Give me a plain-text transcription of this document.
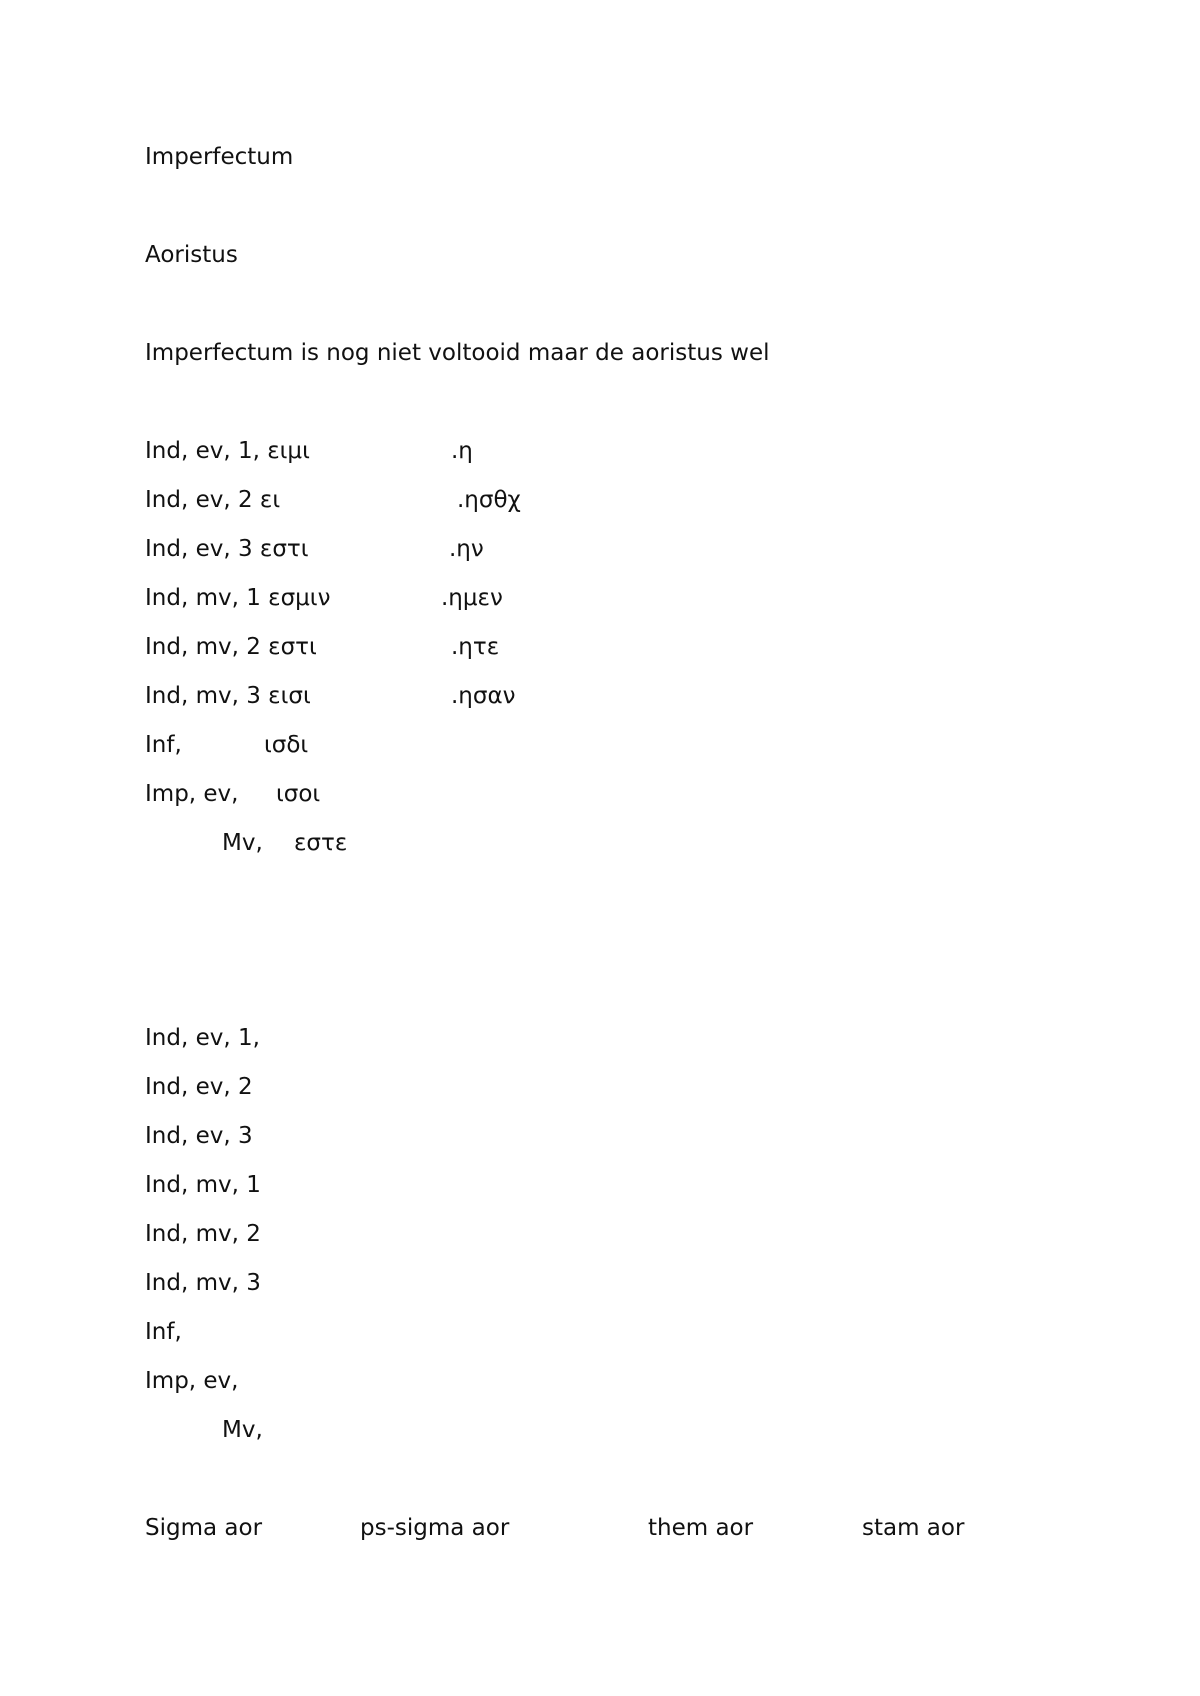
Imperfectum
Aoristus
Imperfectum is nog niet voltooid maar de aoristus wel
Ind, ev, 1, ειμι	.η
Ind, ev, 2 ει	.ησθχ
Ind, ev, 3 εστι	.ην
Ind, mv, 1 εσμιν	.ημεν
Ind, mv, 2 εστι	.ητε
Ind, mv, 3 εισι	.ησαν
Inf,	ισδι
Imp, ev, ισοι
Mv, εστε
Ind, ev, 1,
Ind, ev, 2
Ind, ev, 3
Ind, mv, 1
Ind, mv, 2
Ind, mv, 3
Inf,
Imp, ev,
Mv,
Sigma aor	ps-sigma aor	them aor	stam aor
